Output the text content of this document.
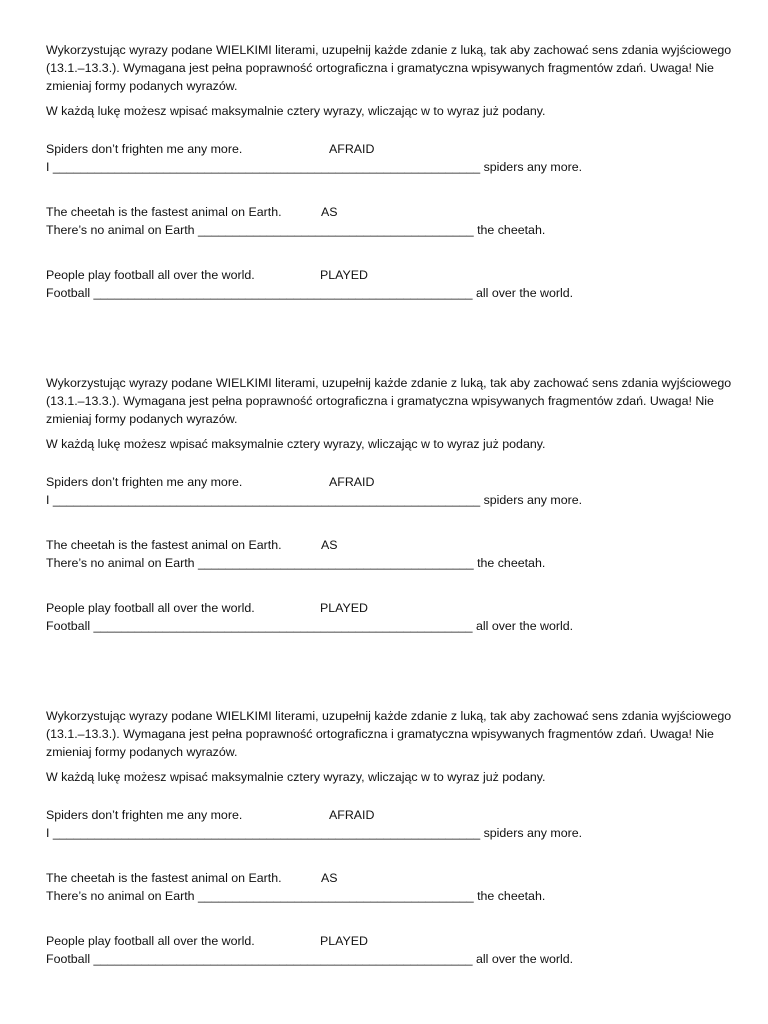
Wykorzystując wyrazy podane WIELKIMI literami, uzupełnij każde zdanie z luką, tak aby zachować sens zdania wyjściowego (13.1.–13.3.). Wymagana jest pełna poprawność ortograficzna i gramatyczna wpisywanych fragmentów zdań. Uwaga! Nie zmieniaj formy podanych wyrazów.

W każdą lukę możesz wpisać maksymalnie cztery wyrazy, wliczając w to wyraz już podany.

Spiders don’t frighten me any more.	AFRAID
I ______________________________________________________________ spiders any more.
The cheetah is the fastest animal on Earth.	AS
There’s no animal on Earth ________________________________________ the cheetah.
People play football all over the world.	PLAYED
Football _______________________________________________________ all over the world.

Wykorzystując wyrazy podane WIELKIMI literami, uzupełnij każde zdanie z luką, tak aby zachować sens zdania wyjściowego (13.1.–13.3.). Wymagana jest pełna poprawność ortograficzna i gramatyczna wpisywanych fragmentów zdań. Uwaga! Nie zmieniaj formy podanych wyrazów.

W każdą lukę możesz wpisać maksymalnie cztery wyrazy, wliczając w to wyraz już podany.

Spiders don’t frighten me any more.	AFRAID
I ______________________________________________________________ spiders any more.
The cheetah is the fastest animal on Earth.	AS
There’s no animal on Earth ________________________________________ the cheetah.
People play football all over the world.	PLAYED
Football _______________________________________________________ all over the world.

Wykorzystując wyrazy podane WIELKIMI literami, uzupełnij każde zdanie z luką, tak aby zachować sens zdania wyjściowego (13.1.–13.3.). Wymagana jest pełna poprawność ortograficzna i gramatyczna wpisywanych fragmentów zdań. Uwaga! Nie zmieniaj formy podanych wyrazów.

W każdą lukę możesz wpisać maksymalnie cztery wyrazy, wliczając w to wyraz już podany.

Spiders don’t frighten me any more.	AFRAID
I ______________________________________________________________ spiders any more.
The cheetah is the fastest animal on Earth.	AS
There’s no animal on Earth ________________________________________ the cheetah.
People play football all over the world.	PLAYED
Football _______________________________________________________ all over the world.
